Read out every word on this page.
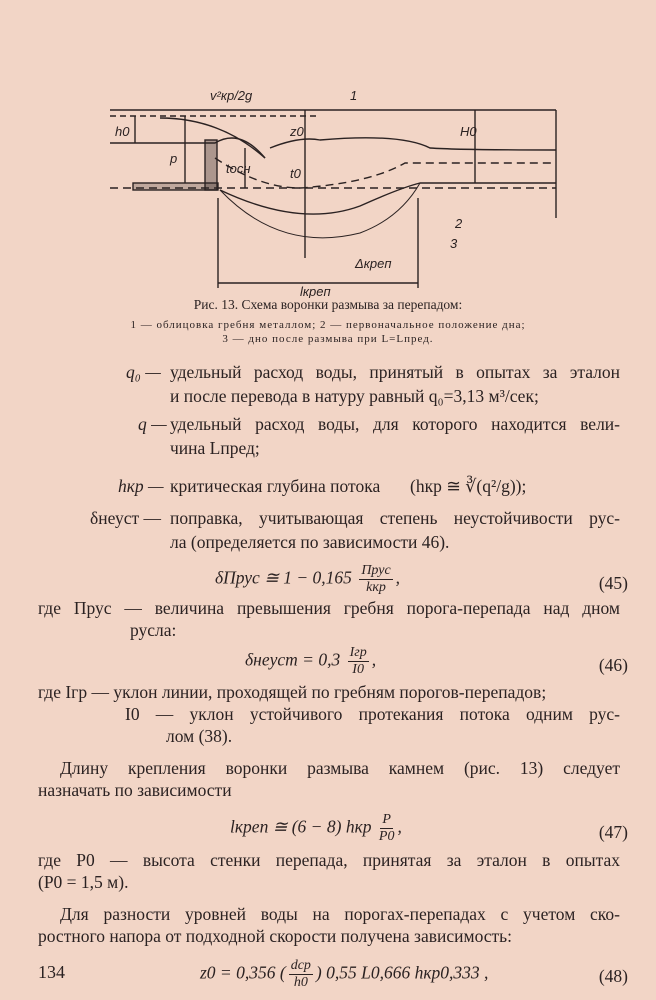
h0
p
z0	H0
tосн	t0
Δкреп
lкреп
1
2
3
v²кр/2g
Рис. 13. Схема воронки размыва за перепадом:
1 — облицовка гребня металлом; 2 — первоначальное положение дна;
3 — дно после размыва при L=Lпред.
q₀ — удельный расход воды, принятый в опытах за эталон
и после перевода в натуру равный q₀=3,13 м³/сек;
q — удельный расход воды, для которого находится вели-
чина Lпред;
hкр — критическая глубина потока (hкр ≅ ∛(q²/g));
δнеуст — поправка, учитывающая степень неустойчивости рус-
ла (определяется по зависимости 46).
δПрус ≅ $1 - 0,165 \frac{\text{Прус}}{\text{kкр}}$ ,	(45)
где Прус — величина превышения гребня порога-перепада над дном
русла:
δнеуст = $0,3 \frac{\text{Iгр}}{I0}$ ,	(46)
где Iгр — уклон линии, проходящей по гребням порогов-перепадов;
I0 — уклон устойчивого протекания потока одним рус-
лом (38).
Длину крепления воронки размыва камнем (рис. 13) следует
назначать по зависимости
lкреп ≅ (6 − 8) hкр $\frac{P}{P0}$ ,	(47)
где P0 — высота стенки перепада, принятая за эталон в опытах
(P0 = 1,5 м).
Для разности уровней воды на порогах-перепадах с учетом ско-
ростного напора от подходной скорости получена зависимость:
z0 = 0,356 ( $\frac{\text{dср}}{h0}$ ) 0,55 L0,666 hкр0,333 ,	(48)
134
